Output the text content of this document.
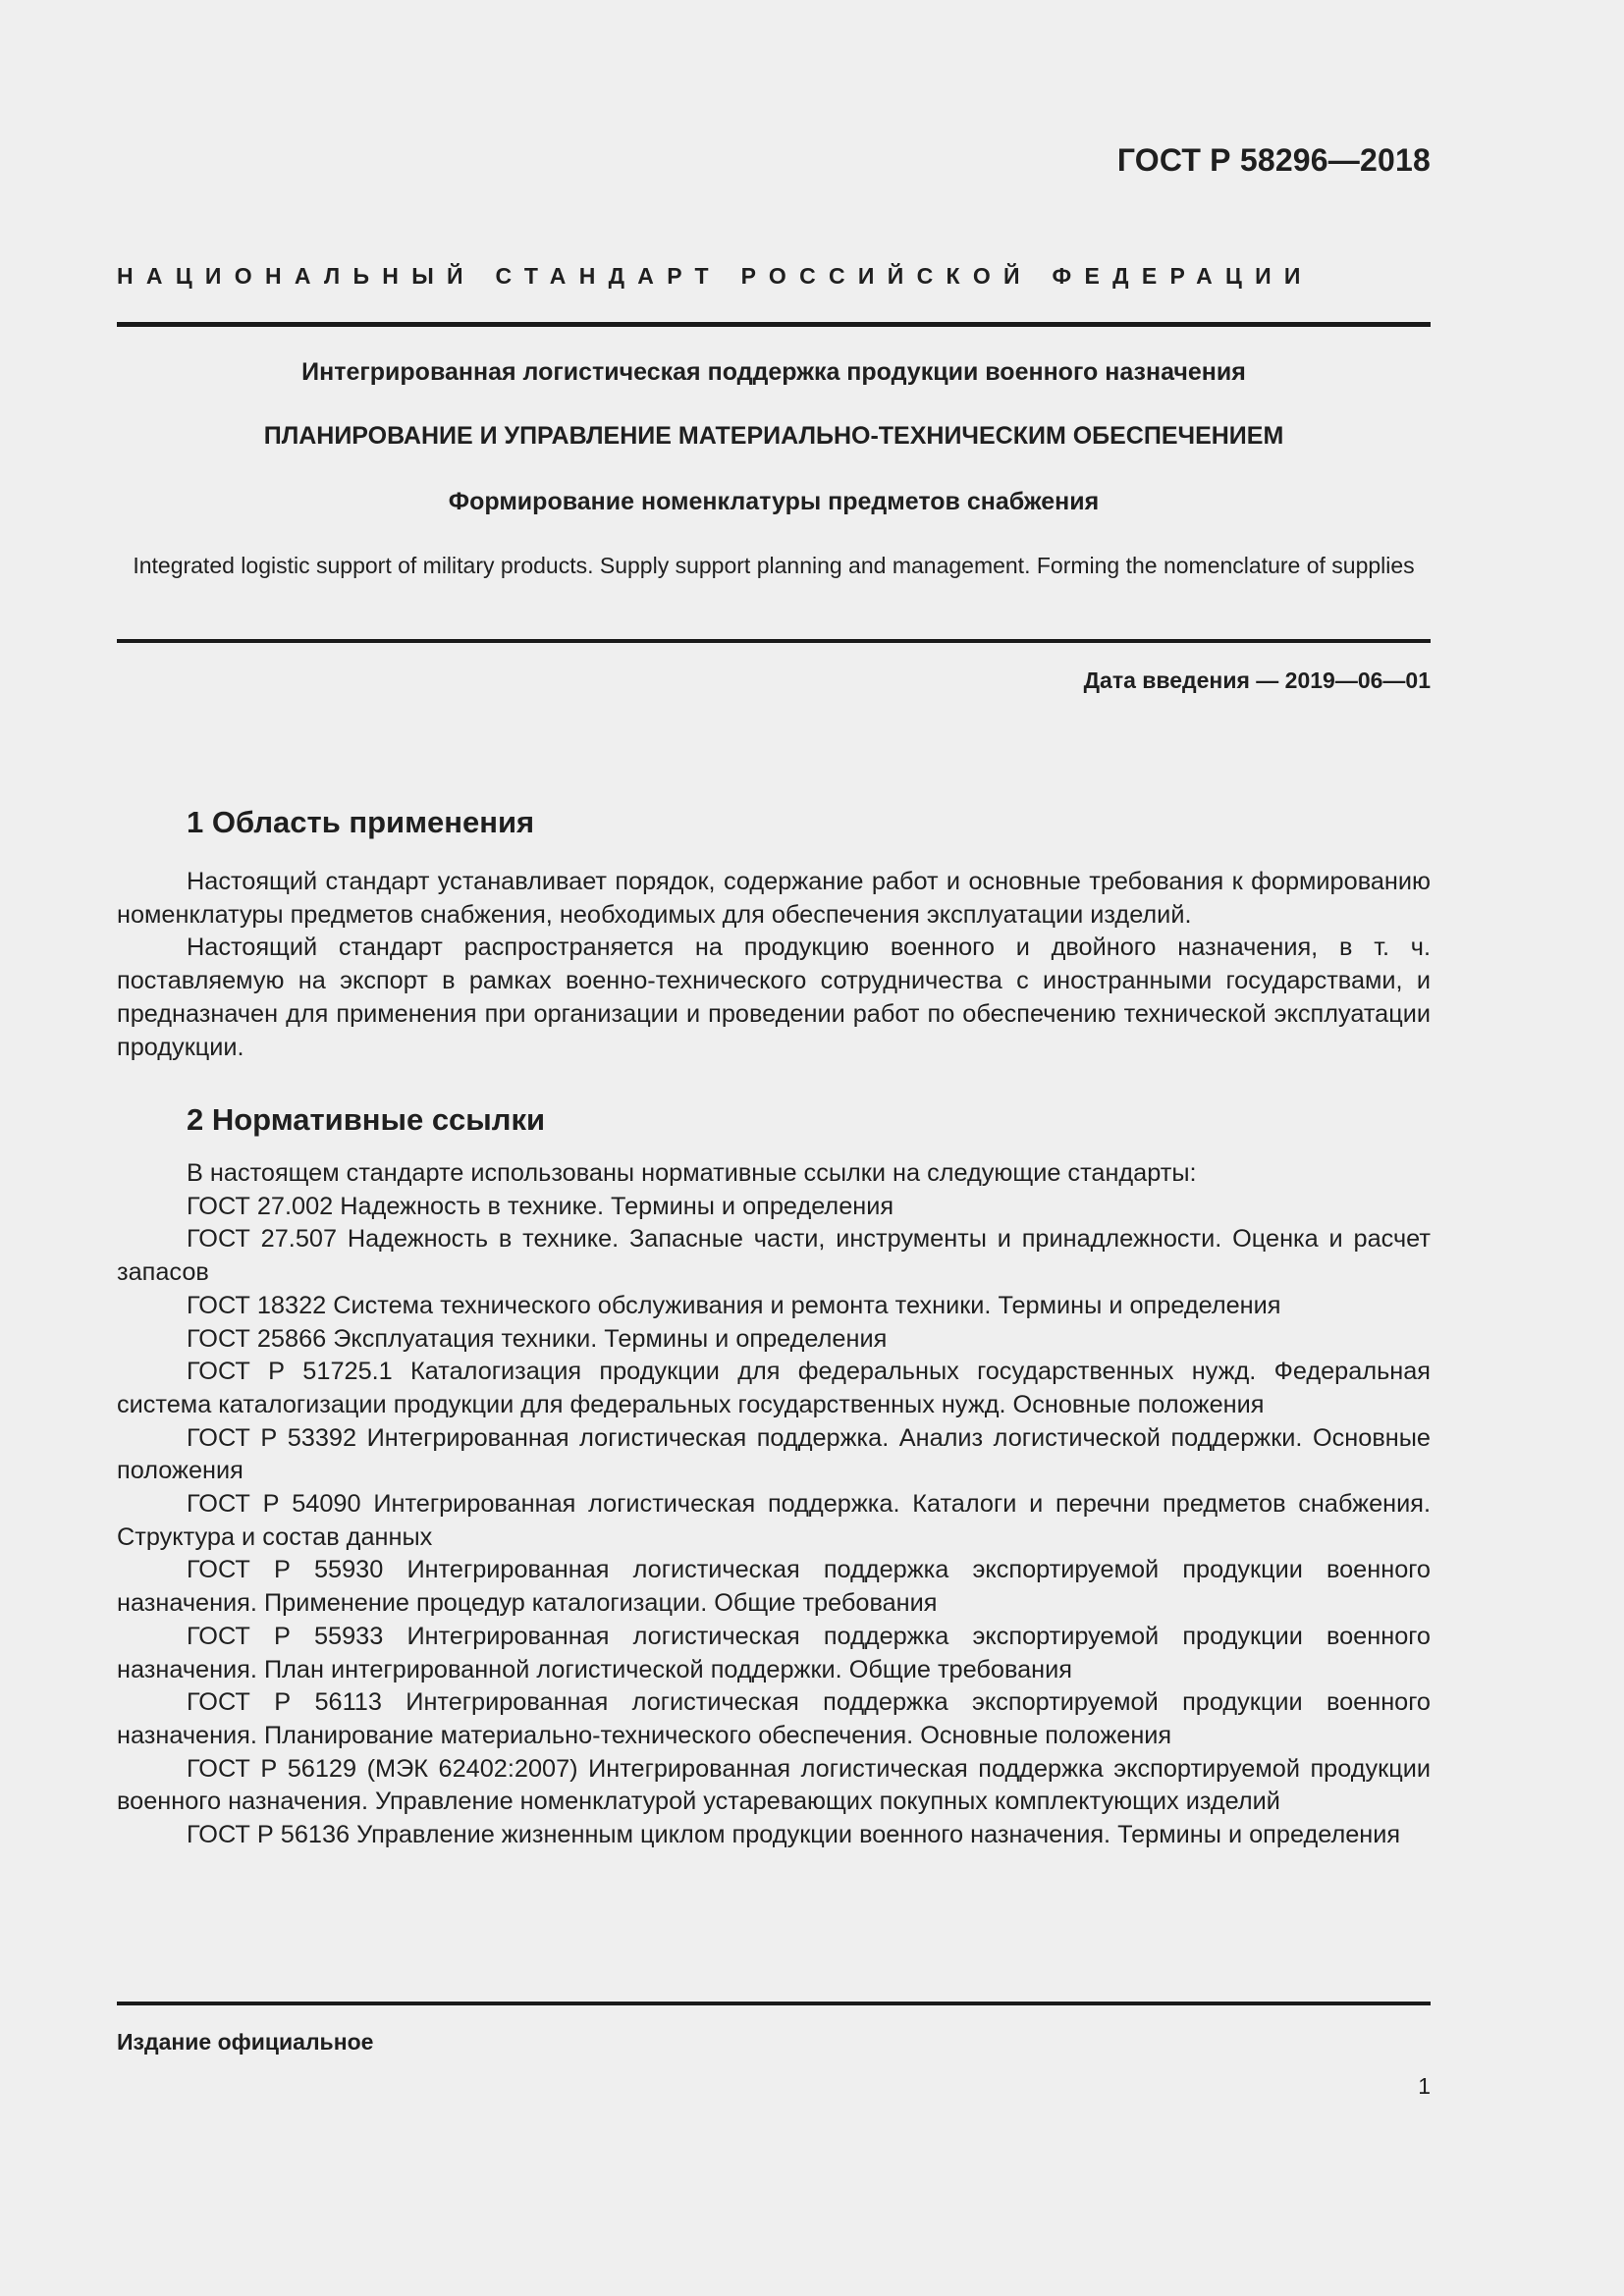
ГОСТ Р 58296—2018
НАЦИОНАЛЬНЫЙ СТАНДАРТ РОССИЙСКОЙ ФЕДЕРАЦИИ
Интегрированная логистическая поддержка продукции военного назначения
ПЛАНИРОВАНИЕ И УПРАВЛЕНИЕ МАТЕРИАЛЬНО-ТЕХНИЧЕСКИМ ОБЕСПЕЧЕНИЕМ
Формирование номенклатуры предметов снабжения
Integrated logistic support of military products. Supply support planning and management. Forming the nomenclature of supplies
Дата введения — 2019—06—01
1 Область применения

Настоящий стандарт устанавливает порядок, содержание работ и основные требования к формированию номенклатуры предметов снабжения, необходимых для обеспечения эксплуатации изделий.

Настоящий стандарт распространяется на продукцию военного и двойного назначения, в т. ч. поставляемую на экспорт в рамках военно-технического сотрудничества с иностранными государствами, и предназначен для применения при организации и проведении работ по обеспечению технической эксплуатации продукции.

2 Нормативные ссылки

В настоящем стандарте использованы нормативные ссылки на следующие стандарты:

ГОСТ 27.002 Надежность в технике. Термины и определения

ГОСТ 27.507 Надежность в технике. Запасные части, инструменты и принадлежности. Оценка и расчет запасов

ГОСТ 18322 Система технического обслуживания и ремонта техники. Термины и определения

ГОСТ 25866 Эксплуатация техники. Термины и определения

ГОСТ Р 51725.1 Каталогизация продукции для федеральных государственных нужд. Федеральная система каталогизации продукции для федеральных государственных нужд. Основные положения

ГОСТ Р 53392 Интегрированная логистическая поддержка. Анализ логистической поддержки. Основные положения

ГОСТ Р 54090 Интегрированная логистическая поддержка. Каталоги и перечни предметов снабжения. Структура и состав данных

ГОСТ Р 55930 Интегрированная логистическая поддержка экспортируемой продукции военного назначения. Применение процедур каталогизации. Общие требования

ГОСТ Р 55933 Интегрированная логистическая поддержка экспортируемой продукции военного назначения. План интегрированной логистической поддержки. Общие требования

ГОСТ Р 56113 Интегрированная логистическая поддержка экспортируемой продукции военного назначения. Планирование материально-технического обеспечения. Основные положения

ГОСТ Р 56129 (МЭК 62402:2007) Интегрированная логистическая поддержка экспортируемой продукции военного назначения. Управление номенклатурой устаревающих покупных комплектующих изделий

ГОСТ Р 56136 Управление жизненным циклом продукции военного назначения. Термины и определения

Издание официальное
1
